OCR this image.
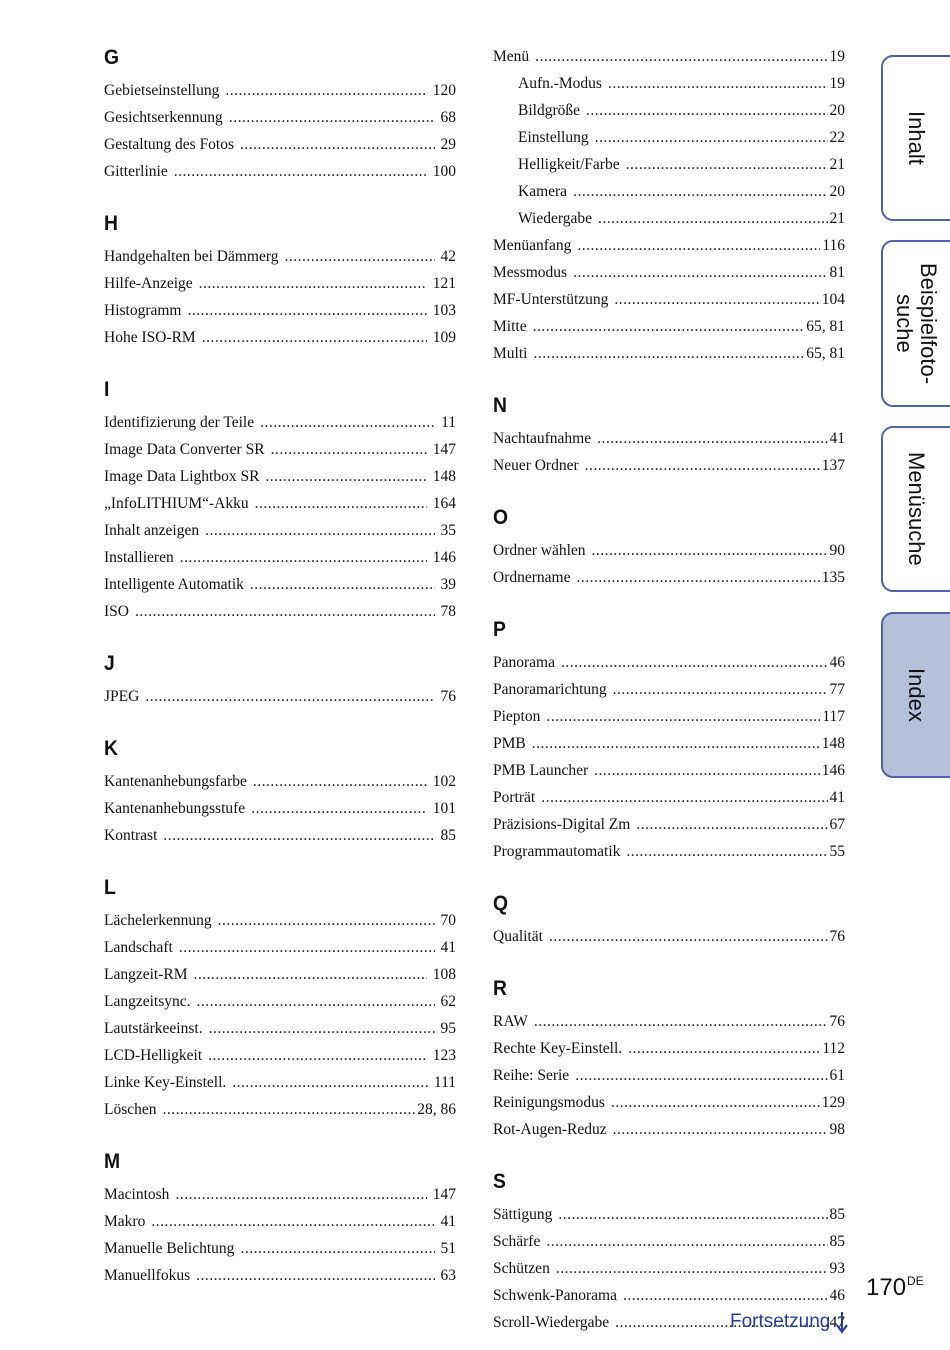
G
Gebietseinstellung .....	120
Gesichtserkennung .....	68
Gestaltung des Fotos .....	29
Gitterlinie .....	100
H
Handgehalten bei Dämmerg .....	42
Hilfe-Anzeige .....	121
Histogramm .....	103
Hohe ISO-RM .....	109
I
Identifizierung der Teile .....	11
Image Data Converter SR .....	147
Image Data Lightbox SR .....	148
„InfoLITHIUM“-Akku .....	164
Inhalt anzeigen .....	35
Installieren .....	146
Intelligente Automatik .....	39
ISO .....	78
J
JPEG .....	76
K
Kantenanhebungsfarbe .....	102
Kantenanhebungsstufe .....	101
Kontrast .....	85
L
Lächelerkennung .....	70
Landschaft .....	41
Langzeit-RM .....	108
Langzeitsync. .....	62
Lautstärkeeinst. .....	95
LCD-Helligkeit .....	123
Linke Key-Einstell. .....	111
Löschen .....	28, 86
M
Macintosh .....	147
Makro .....	41
Manuelle Belichtung .....	51
Manuellfokus .....	63
Menü .....	19
Aufn.-Modus .....	19
Bildgröße .....	20
Einstellung .....	22
Helligkeit/Farbe .....	21
Kamera .....	20
Wiedergabe .....	21
Menüanfang .....	116
Messmodus .....	81
MF-Unterstützung .....	104
Mitte .....	65, 81
Multi .....	65, 81
N
Nachtaufnahme .....	41
Neuer Ordner .....	137
O
Ordner wählen .....	90
Ordnername .....	135
P
Panorama .....	46
Panoramarichtung .....	77
Piepton .....	117
PMB .....	148
PMB Launcher .....	146
Porträt .....	41
Präzisions-Digital Zm .....	67
Programmautomatik .....	55
Q
Qualität .....	76
R
RAW .....	76
Rechte Key-Einstell. .....	112
Reihe: Serie .....	61
Reinigungsmodus .....	129
Rot-Augen-Reduz .....	98
S
Sättigung .....	85
Schärfe .....	85
Schützen .....	93
Schwenk-Panorama .....	46
Scroll-Wiedergabe .....	47
Inhalt
Beispielfoto-
suche
Menüsuche
Index
170DE
Fortsetzung
